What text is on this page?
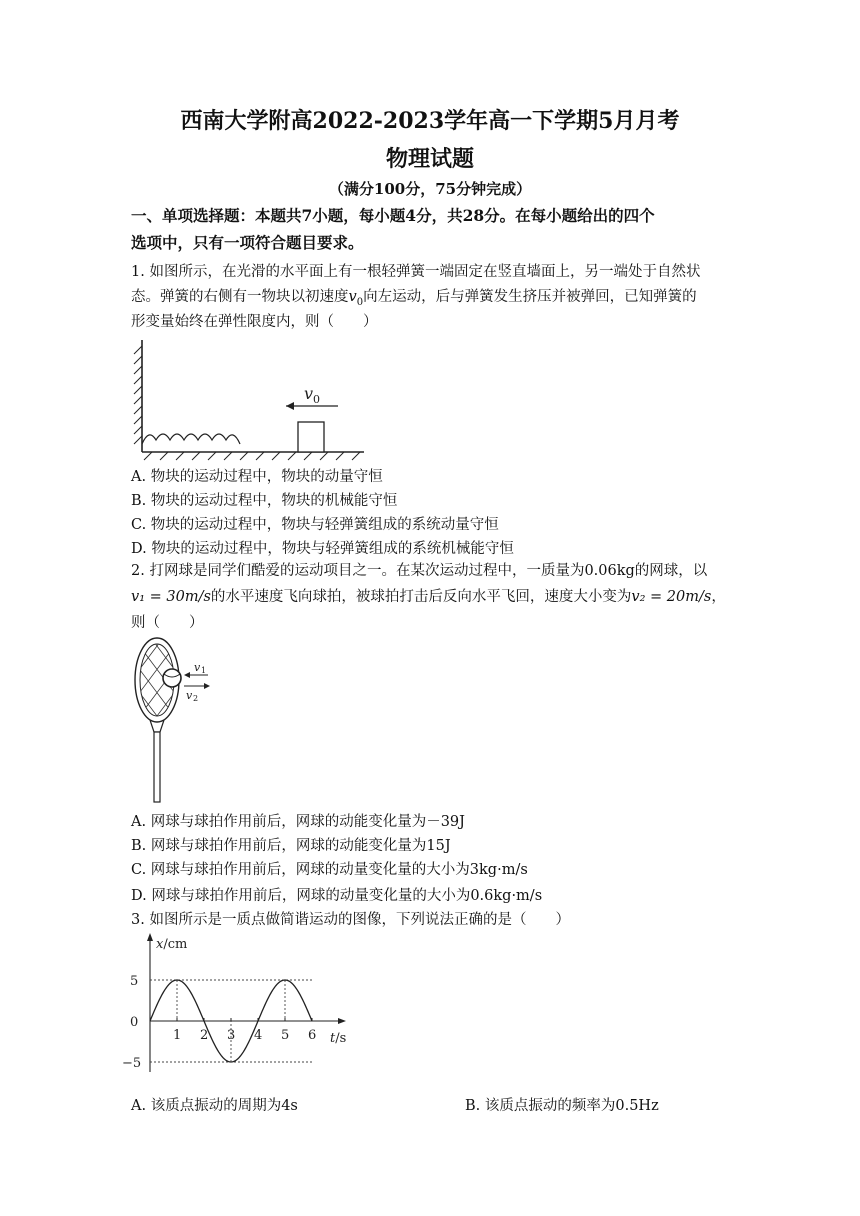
西南大学附高2022-2023学年高一下学期5月月考
物理试题
（满分100分，75分钟完成）
一、单项选择题：本题共7小题，每小题4分，共28分。在每小题给出的四个
选项中，只有一项符合题目要求。
1. 如图所示，在光滑的水平面上有一根轻弹簧一端固定在竖直墙面上，另一端处于自然状
态。弹簧的右侧有一物块以初速度$v_0$向左运动，后与弹簧发生挤压并被弹回，已知弹簧的
形变量始终在弹性限度内，则（　　）
v 0
A. 物块的运动过程中，物块的动量守恒
B. 物块的运动过程中，物块的机械能守恒
C. 物块的运动过程中，物块与轻弹簧组成的系统动量守恒
D. 物块的运动过程中，物块与轻弹簧组成的系统机械能守恒
2. 打网球是同学们酷爱的运动项目之一。在某次运动过程中，一质量为0.06kg的网球，以
v₁ = 30m/s的水平速度飞向球拍，被球拍打击后反向水平飞回，速度大小变为v₂ = 20m/s，
则（　　）
v 1
v 2
A. 网球与球拍作用前后，网球的动能变化量为－39J
B. 网球与球拍作用前后，网球的动能变化量为15J
C. 网球与球拍作用前后，网球的动量变化量的大小为3kg·m/s
D. 网球与球拍作用前后，网球的动量变化量的大小为0.6kg·m/s
3. 如图所示是一质点做简谐运动的图像，下列说法正确的是（　　）
x/cm
t/s
1 2 3 4 5 6
5
0
−5
A. 该质点振动的周期为4s	B. 该质点振动的频率为0.5Hz
